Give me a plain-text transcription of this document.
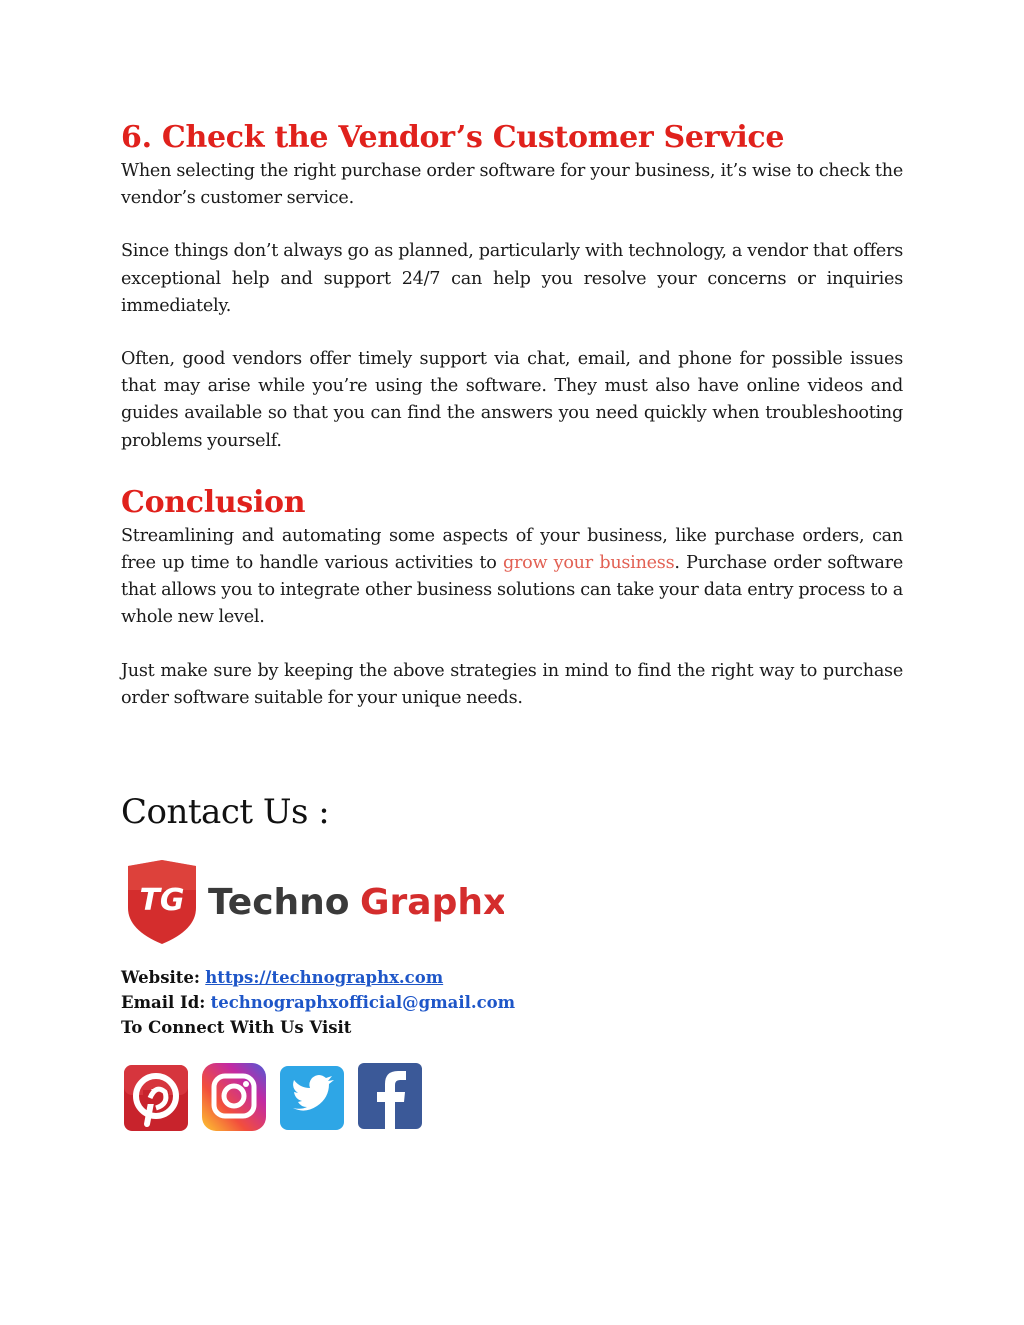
6. Check the Vendor’s Customer Service

When selecting the right purchase order software for your business, it’s wise to check the vendor’s customer service.

Since things don’t always go as planned, particularly with technology, a vendor that offers exceptional help and support 24/7 can help you resolve your concerns or inquiries immediately.

Often, good vendors offer timely support via chat, email, and phone for possible issues that may arise while you’re using the software. They must also have online videos and guides available so that you can find the answers you need quickly when troubleshooting problems yourself.

Conclusion

Streamlining and automating some aspects of your business, like purchase orders, can free up time to handle various activities to grow your business. Purchase order software that allows you to integrate other business solutions can take your data entry process to a whole new level.

Just make sure by keeping the above strategies in mind to find the right way to purchase order software suitable for your unique needs.

Contact Us :
TG Techno Graphx
Website: https://technographx.com
Email Id: technographxofficial@gmail.com
To Connect With Us Visit
